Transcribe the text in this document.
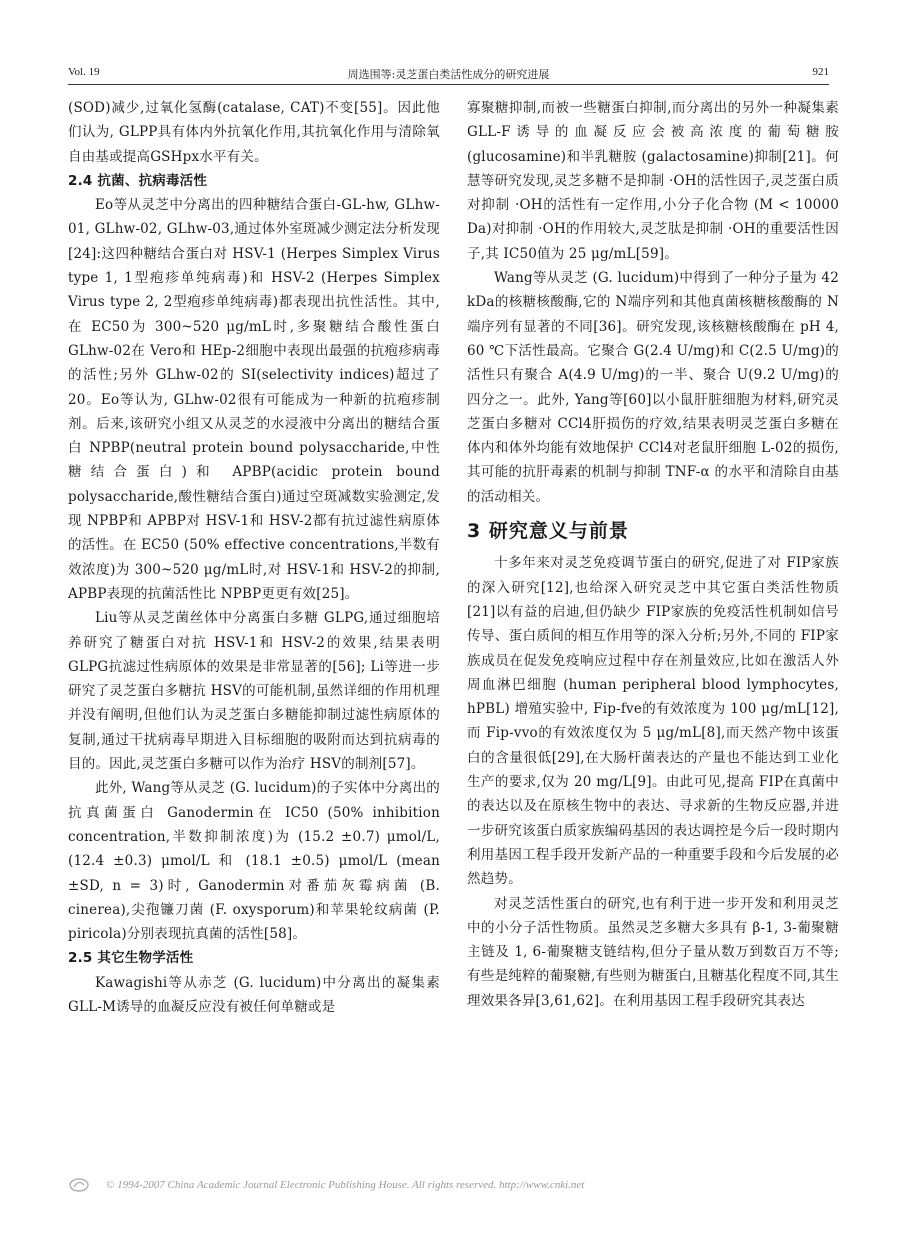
Vol. 19	周选围等:灵芝蛋白类活性成分的研究进展	921

(SOD)减少,过氧化氢酶(catalase, CAT)不变[55]。因此他们认为, GLPP具有体内外抗氧化作用,其抗氧化作用与清除氧自由基或提高GSHpx水平有关。

2.4 抗菌、抗病毒活性

Eo等从灵芝中分离出的四种糖结合蛋白-GL-hw, GLhw-01, GLhw-02, GLhw-03,通过体外室斑减少测定法分析发现[24]:这四种糖结合蛋白对 HSV-1 (Herpes Simplex Virus type 1, 1型疱疹单纯病毒)和 HSV-2 (Herpes Simplex Virus type 2, 2型疱疹单纯病毒)都表现出抗性活性。其中,在 EC50为 300~520 μg/mL时,多聚糖结合酸性蛋白 GLhw-02在 Vero和 HEp-2细胞中表现出最强的抗疱疹病毒的活性;另外 GLhw-02的 SI(selectivity indices)超过了 20。Eo等认为, GLhw-02很有可能成为一种新的抗疱疹制剂。后来,该研究小组又从灵芝的水浸液中分离出的糖结合蛋白 NPBP(neutral protein bound polysaccharide,中性糖结合蛋白)和 APBP(acidic protein bound polysaccharide,酸性糖结合蛋白)通过空斑减数实验测定,发现 NPBP和 APBP对 HSV-1和 HSV-2都有抗过滤性病原体的活性。在 EC50 (50% effective concentrations,半数有效浓度)为 300~520 μg/mL时,对 HSV-1和 HSV-2的抑制, APBP表现的抗菌活性比 NPBP更更有效[25]。

Liu等从灵芝菌丝体中分离蛋白多糖 GLPG,通过细胞培养研究了糖蛋白对抗 HSV-1和 HSV-2的效果,结果表明 GLPG抗滤过性病原体的效果是非常显著的[56]; Li等进一步研究了灵芝蛋白多糖抗 HSV的可能机制,虽然详细的作用机理并没有阐明,但他们认为灵芝蛋白多糖能抑制过滤性病原体的复制,通过干扰病毒早期进入目标细胞的吸附而达到抗病毒的目的。因此,灵芝蛋白多糖可以作为治疗 HSV的制剂[57]。

此外, Wang等从灵芝 (G. lucidum)的子实体中分离出的抗真菌蛋白 Ganodermin在 IC50 (50% inhibition concentration,半数抑制浓度)为 (15.2 ±0.7) μmol/L, (12.4 ±0.3) μmol/L 和 (18.1 ±0.5) μmol/L (mean ±SD, n = 3)时, Ganodermin对番茄灰霉病菌 (B. cinerea),尖孢镰刀菌 (F. oxysporum)和苹果轮纹病菌 (P. piricola)分别表现抗真菌的活性[58]。

2.5 其它生物学活性

Kawagishi等从赤芝 (G. lucidum)中分离出的凝集素 GLL-M诱导的血凝反应没有被任何单糖或是

寡聚糖抑制,而被一些糖蛋白抑制,而分离出的另外一种凝集素 GLL-F诱导的血凝反应会被高浓度的葡萄糖胺 (glucosamine)和半乳糖胺 (galactosamine)抑制[21]。何慧等研究发现,灵芝多糖不是抑制 ·OH的活性因子,灵芝蛋白质对抑制 ·OH的活性有一定作用,小分子化合物 (M < 10000 Da)对抑制 ·OH的作用较大,灵芝肽是抑制 ·OH的重要活性因子,其 IC50值为 25 μg/mL[59]。

Wang等从灵芝 (G. lucidum)中得到了一种分子量为 42 kDa的核糖核酸酶,它的 N端序列和其他真菌核糖核酸酶的 N端序列有显著的不同[36]。研究发现,该核糖核酸酶在 pH 4, 60 ℃下活性最高。它聚合 G(2.4 U/mg)和 C(2.5 U/mg)的活性只有聚合 A(4.9 U/mg)的一半、聚合 U(9.2 U/mg)的四分之一。此外, Yang等[60]以小鼠肝脏细胞为材料,研究灵芝蛋白多糖对 CCl4肝损伤的疗效,结果表明灵芝蛋白多糖在体内和体外均能有效地保护 CCl4对老鼠肝细胞 L-02的损伤,其可能的抗肝毒素的机制与抑制 TNF-α 的水平和清除自由基的活动相关。

3 研究意义与前景

十多年来对灵芝免疫调节蛋白的研究,促进了对 FIP家族的深入研究[12],也给深入研究灵芝中其它蛋白类活性物质[21]以有益的启迪,但仍缺少 FIP家族的免疫活性机制如信号传导、蛋白质间的相互作用等的深入分析;另外,不同的 FIP家族成员在促发免疫响应过程中存在剂量效应,比如在激活人外周血淋巴细胞 (human peripheral blood lymphocytes, hPBL) 增殖实验中, Fip-fve的有效浓度为 100 μg/mL[12],而 Fip-vvo的有效浓度仅为 5 μg/mL[8],而天然产物中该蛋白的含量很低[29],在大肠杆菌表达的产量也不能达到工业化生产的要求,仅为 20 mg/L[9]。由此可见,提高 FIP在真菌中的表达以及在原核生物中的表达、寻求新的生物反应器,并进一步研究该蛋白质家族编码基因的表达调控是今后一段时期内利用基因工程手段开发新产品的一种重要手段和今后发展的必然趋势。

对灵芝活性蛋白的研究,也有利于进一步开发和利用灵芝中的小分子活性物质。虽然灵芝多糖大多具有 β-1, 3-葡聚糖主链及 1, 6-葡聚糖支链结构,但分子量从数万到数百万不等;有些是纯粹的葡聚糖,有些则为糖蛋白,且糖基化程度不同,其生理效果各异[3,61,62]。在利用基因工程手段研究其表达

© 1994-2007 China Academic Journal Electronic Publishing House. All rights reserved. http://www.cnki.net
